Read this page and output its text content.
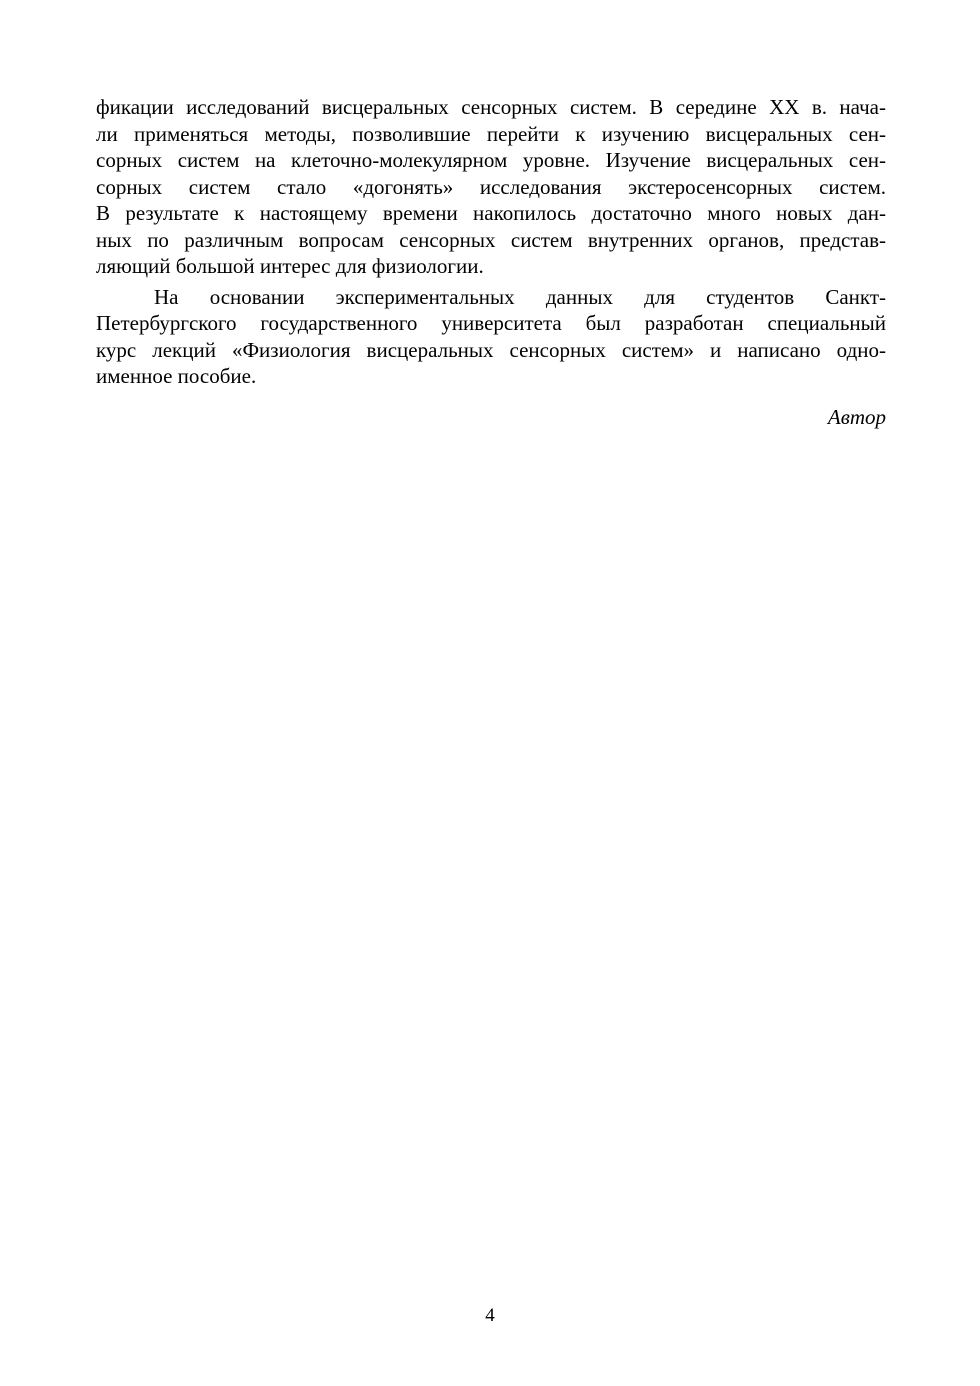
фикации исследований висцеральных сенсорных систем. В середине XX в. нача-
ли применяться методы, позволившие перейти к изучению висцеральных сен-
сорных систем на клеточно-молекулярном уровне. Изучение висцеральных сен-
сорных систем стало «догонять» исследования экстеросенсорных систем.
В результате к настоящему времени накопилось достаточно много новых дан-
ных по различным вопросам сенсорных систем внутренних органов, представ-
ляющий большой интерес для физиологии.
На основании экспериментальных данных для студентов Санкт-
Петербургского государственного университета был разработан специальный
курс лекций «Физиология висцеральных сенсорных систем» и написано одно-
именное пособие.
Автор
4
